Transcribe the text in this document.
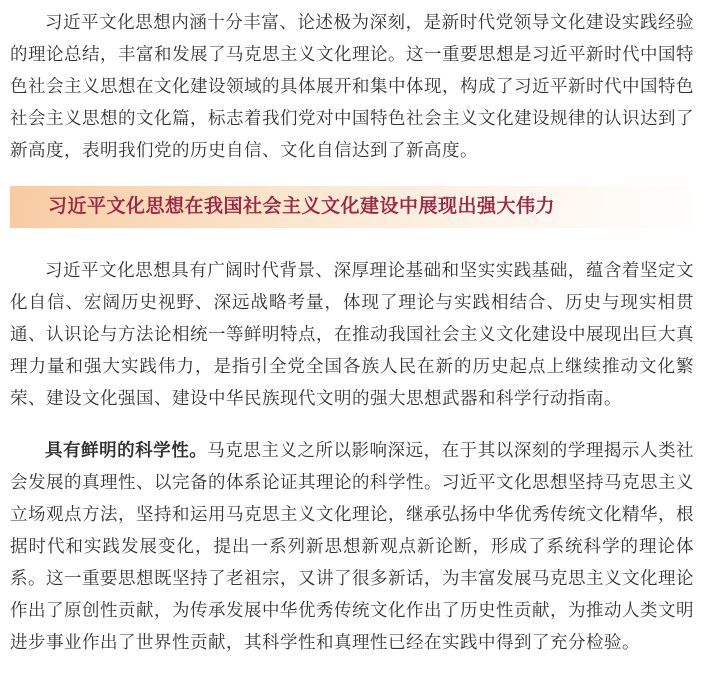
习近平文化思想内涵十分丰富、论述极为深刻，是新时代党领导文化建设实践经验的理论总结，丰富和发展了马克思主义文化理论。这一重要思想是习近平新时代中国特色社会主义思想在文化建设领域的具体展开和集中体现，构成了习近平新时代中国特色社会主义思想的文化篇，标志着我们党对中国特色社会主义文化建设规律的认识达到了新高度，表明我们党的历史自信、文化自信达到了新高度。

习近平文化思想在我国社会主义文化建设中展现出强大伟力

习近平文化思想具有广阔时代背景、深厚理论基础和坚实实践基础，蕴含着坚定文化自信、宏阔历史视野、深远战略考量，体现了理论与实践相结合、历史与现实相贯通、认识论与方法论相统一等鲜明特点，在推动我国社会主义文化建设中展现出巨大真理力量和强大实践伟力，是指引全党全国各族人民在新的历史起点上继续推动文化繁荣、建设文化强国、建设中华民族现代文明的强大思想武器和科学行动指南。

具有鲜明的科学性。马克思主义之所以影响深远，在于其以深刻的学理揭示人类社会发展的真理性、以完备的体系论证其理论的科学性。习近平文化思想坚持马克思主义立场观点方法，坚持和运用马克思主义文化理论，继承弘扬中华优秀传统文化精华，根据时代和实践发展变化，提出一系列新思想新观点新论断，形成了系统科学的理论体系。这一重要思想既坚持了老祖宗，又讲了很多新话，为丰富发展马克思主义文化理论作出了原创性贡献，为传承发展中华优秀传统文化作出了历史性贡献，为推动人类文明进步事业作出了世界性贡献，其科学性和真理性已经在实践中得到了充分检验。
